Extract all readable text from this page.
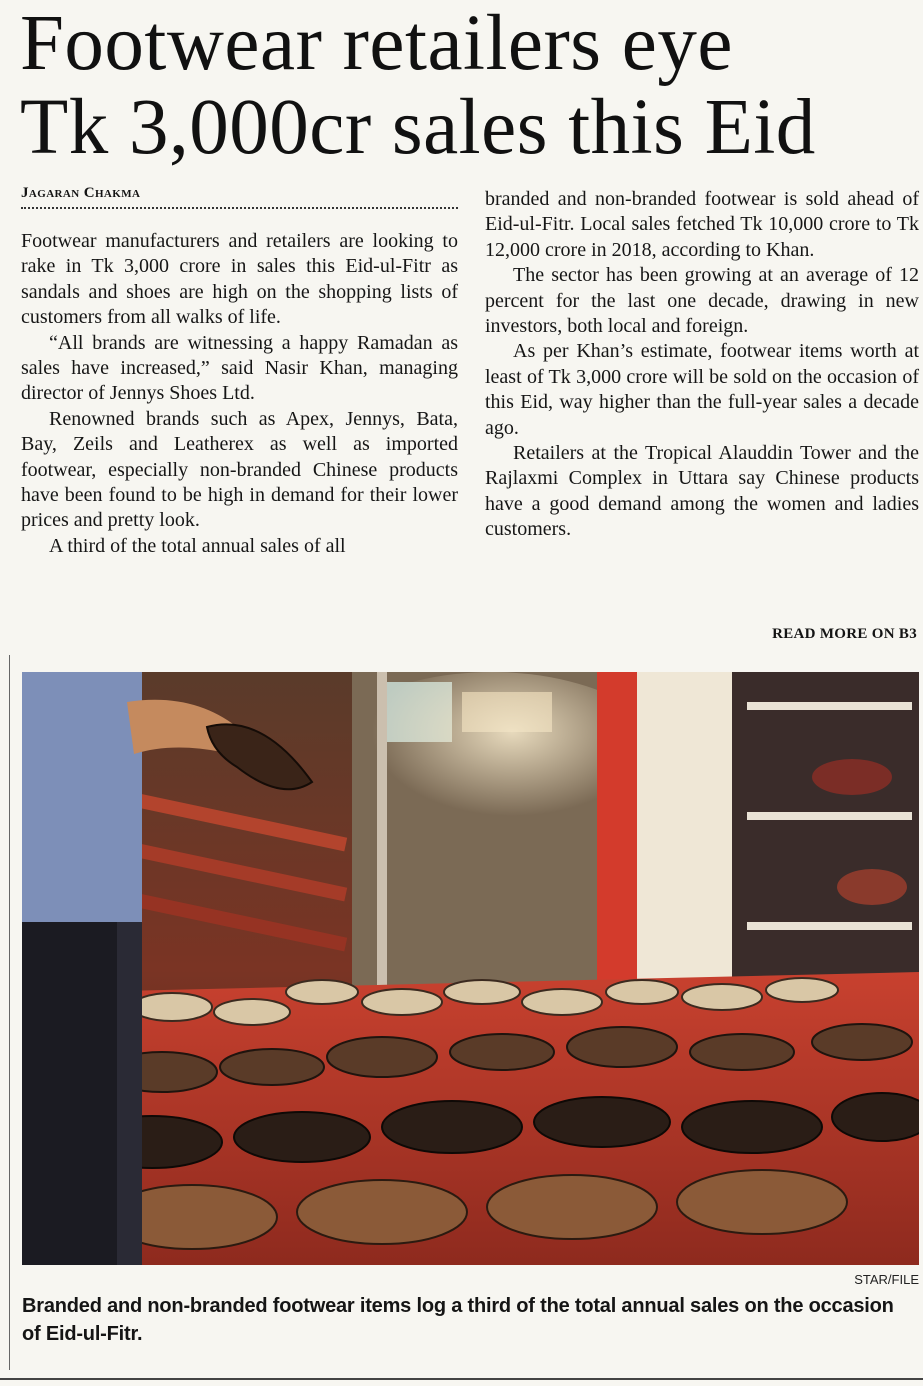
Footwear retailers eye
Tk 3,000cr sales this Eid

Jagaran Chakma

Footwear manufacturers and retailers are looking to rake in Tk 3,000 crore in sales this Eid-ul-Fitr as sandals and shoes are high on the shopping lists of customers from all walks of life.

“All brands are witnessing a happy Ramadan as sales have increased,” said Nasir Khan, managing director of Jennys Shoes Ltd.

Renowned brands such as Apex, Jennys, Bata, Bay, Zeils and Leatherex as well as imported footwear, especially non-branded Chinese products have been found to be high in demand for their lower prices and pretty look.

A third of the total annual sales of all

branded and non-branded footwear is sold ahead of Eid-ul-Fitr. Local sales fetched Tk 10,000 crore to Tk 12,000 crore in 2018, according to Khan.

The sector has been growing at an average of 12 percent for the last one decade, drawing in new investors, both local and foreign.

As per Khan’s estimate, footwear items worth at least of Tk 3,000 crore will be sold on the occasion of this Eid, way higher than the full-year sales a decade ago.

Retailers at the Tropical Alauddin Tower and the Rajlaxmi Complex in Uttara say Chinese products have a good demand among the women and ladies customers.

READ MORE ON B3

STAR/FILE

Branded and non-branded footwear items log a third of the total annual sales on the occasion of Eid-ul-Fitr.
